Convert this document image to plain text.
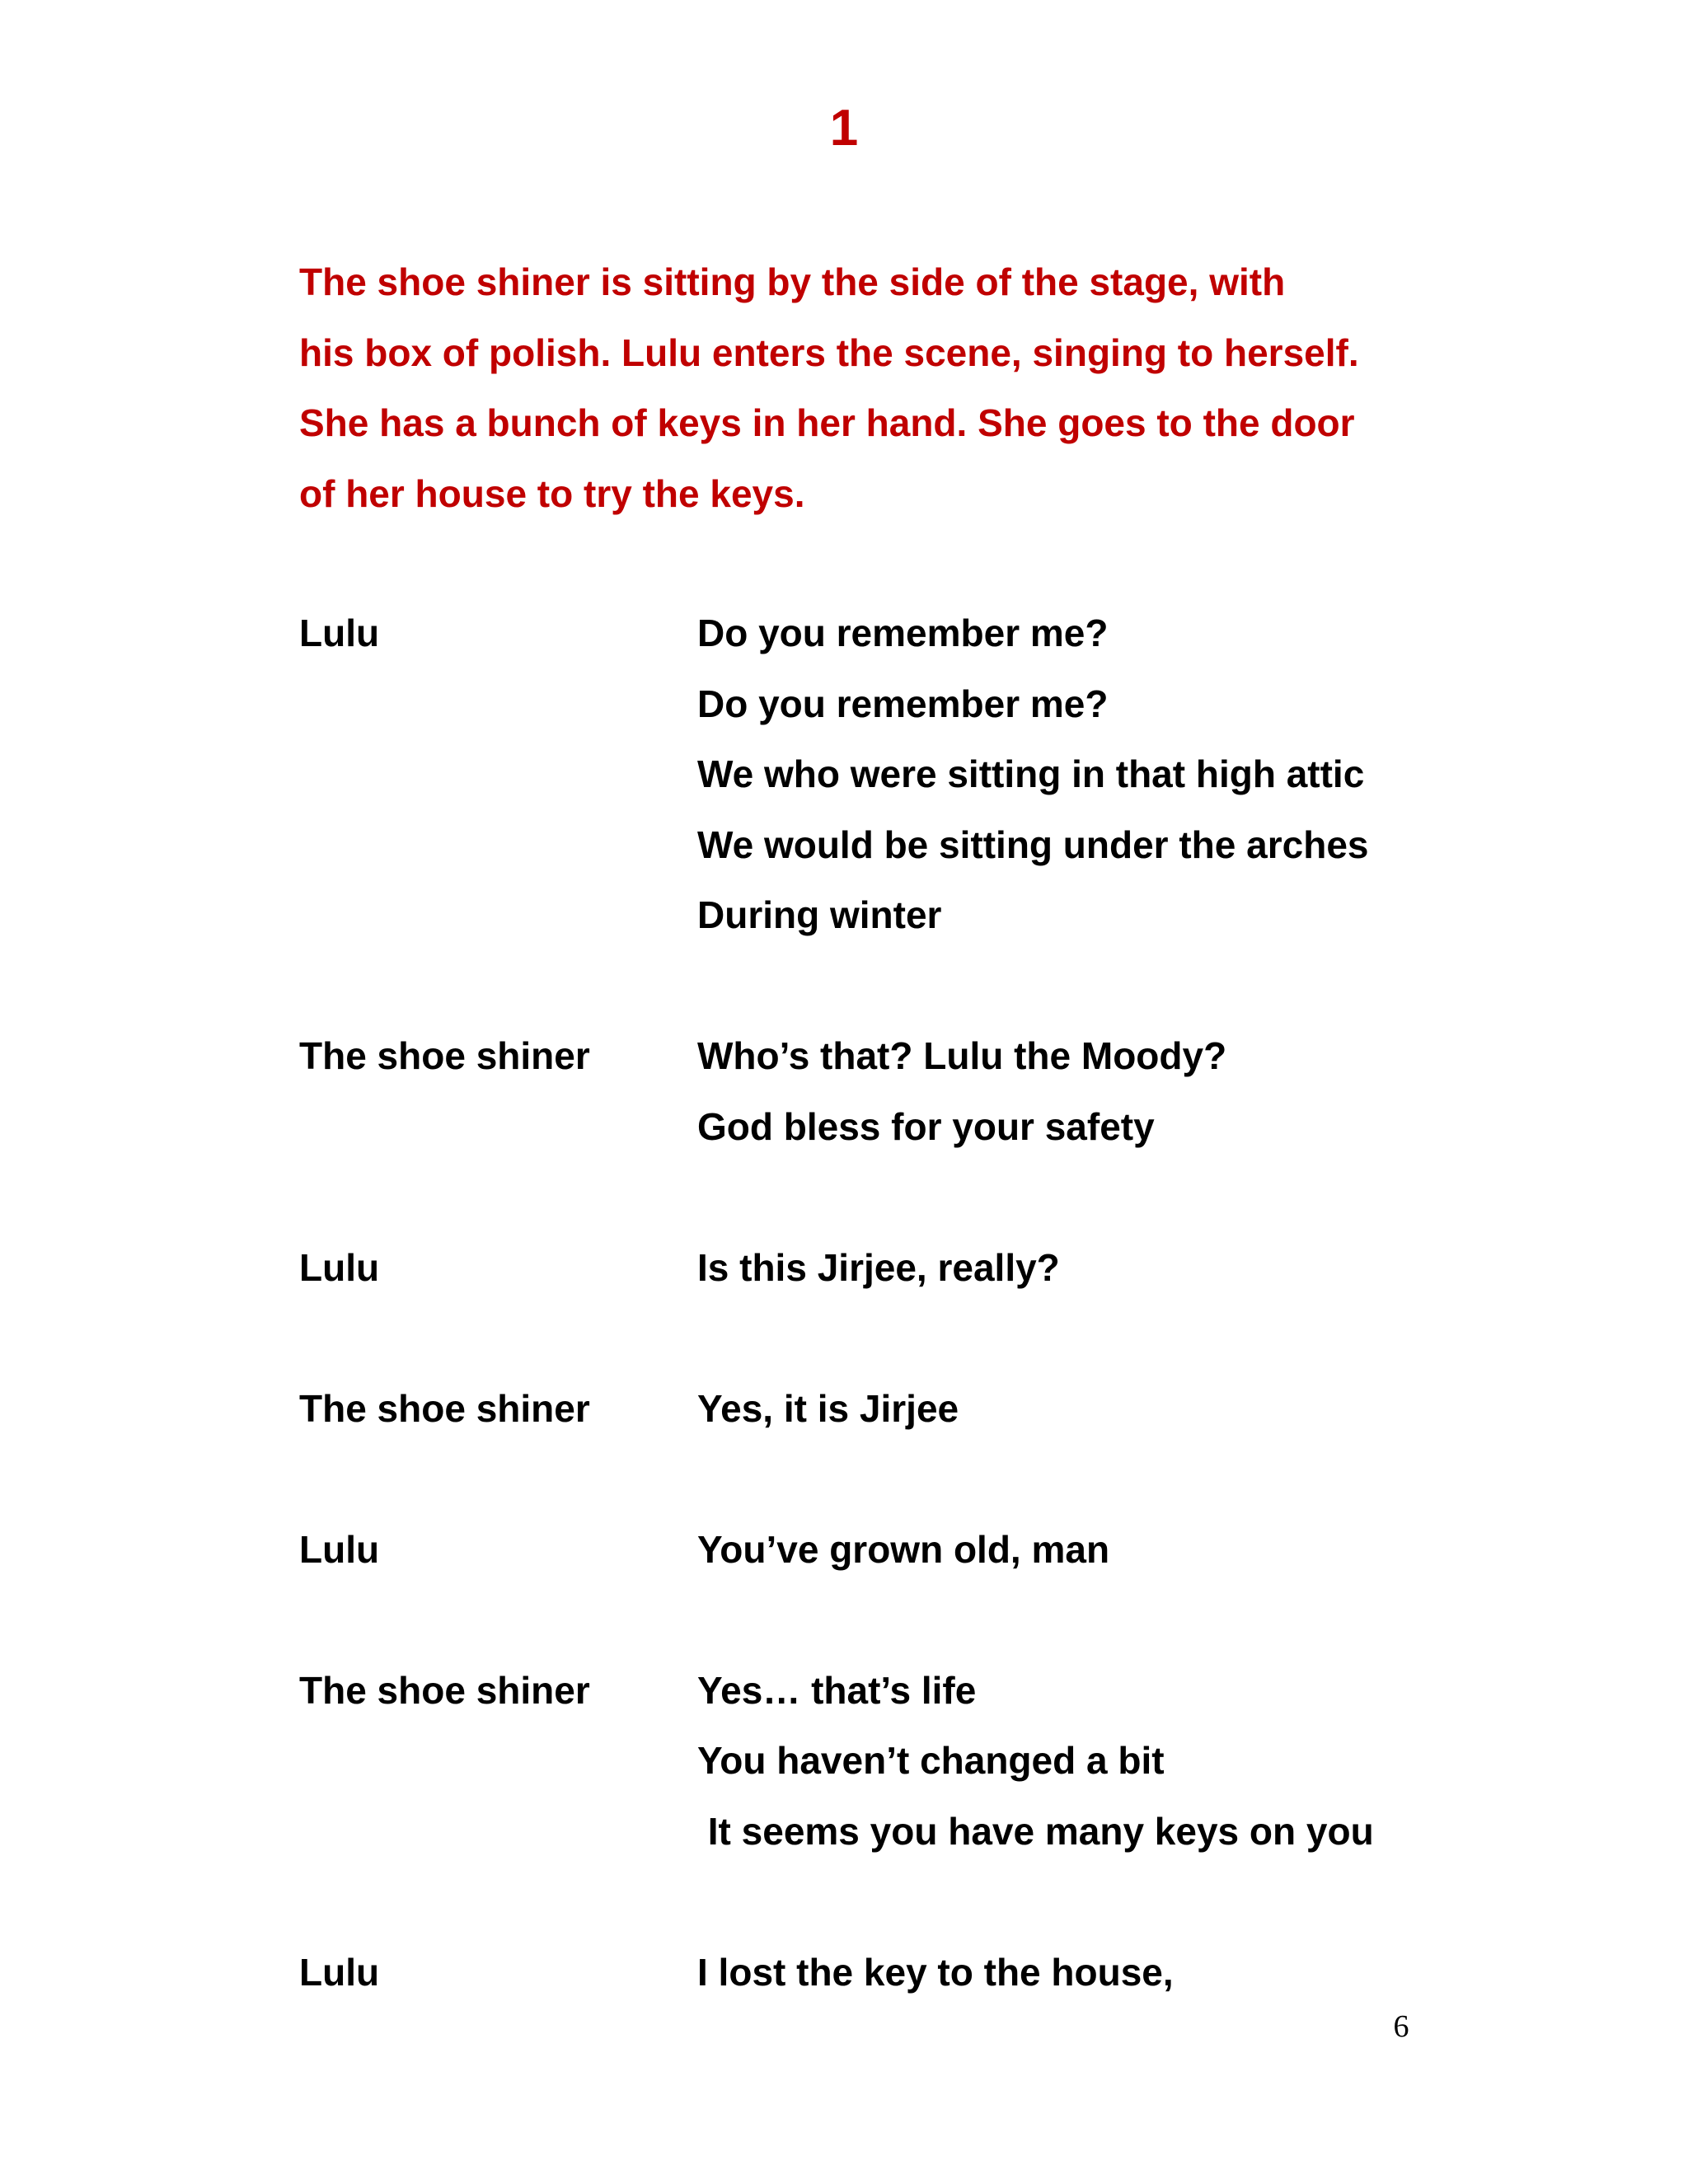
1
The shoe shiner is sitting by the side of the stage, with
his box of polish. Lulu enters the scene, singing to herself.
She has a bunch of keys in her hand. She goes to the door
of her house to try the keys.
Lulu	Do you remember me?
Do you remember me?
We who were sitting in that high attic
We would be sitting under the arches
During winter
The shoe shiner	Who’s that? Lulu the Moody?
God bless for your safety
Lulu	Is this Jirjee, really?
The shoe shiner	Yes, it is Jirjee
Lulu	You’ve grown old, man
The shoe shiner	Yes… that’s life
You haven’t changed a bit
It seems you have many keys on you
Lulu	I lost the key to the house,
6
